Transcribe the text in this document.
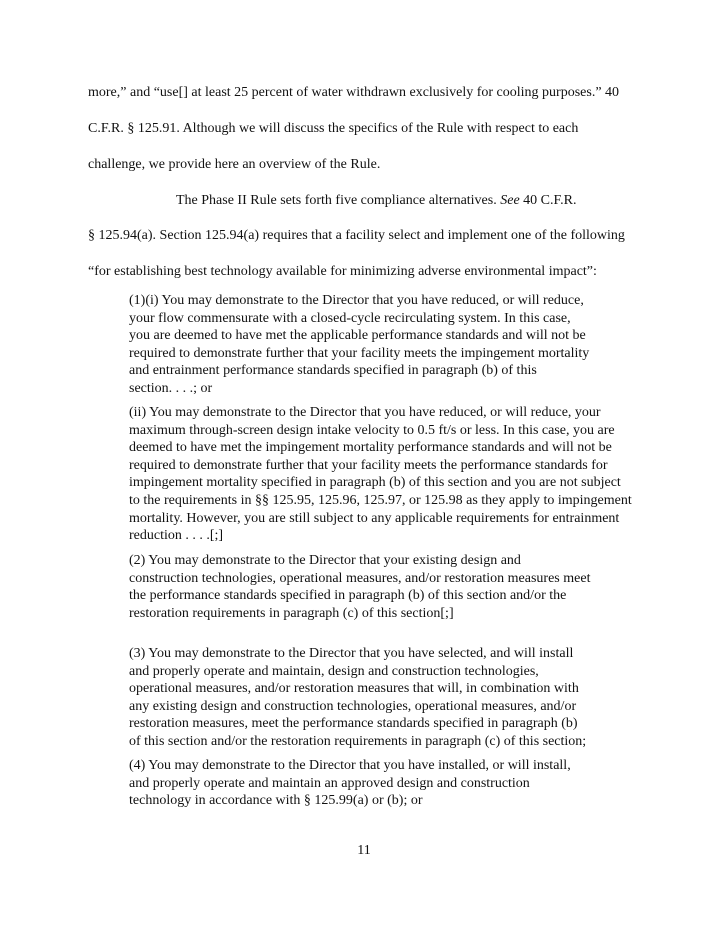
more,” and “use[] at least 25 percent of water withdrawn exclusively for cooling purposes.” 40
C.F.R. § 125.91. Although we will discuss the specifics of the Rule with respect to each
challenge, we provide here an overview of the Rule.
The Phase II Rule sets forth five compliance alternatives. See 40 C.F.R.
§ 125.94(a). Section 125.94(a) requires that a facility select and implement one of the following
“for establishing best technology available for minimizing adverse environmental impact”:
(1)(i) You may demonstrate to the Director that you have reduced, or will reduce,
your flow commensurate with a closed-cycle recirculating system. In this case,
you are deemed to have met the applicable performance standards and will not be
required to demonstrate further that your facility meets the impingement mortality
and entrainment performance standards specified in paragraph (b) of this
section. . . .; or
(ii) You may demonstrate to the Director that you have reduced, or will reduce, your
maximum through-screen design intake velocity to 0.5 ft/s or less. In this case, you are
deemed to have met the impingement mortality performance standards and will not be
required to demonstrate further that your facility meets the performance standards for
impingement mortality specified in paragraph (b) of this section and you are not subject
to the requirements in §§ 125.95, 125.96, 125.97, or 125.98 as they apply to impingement
mortality. However, you are still subject to any applicable requirements for entrainment
reduction . . . .[;]
(2) You may demonstrate to the Director that your existing design and
construction technologies, operational measures, and/or restoration measures meet
the performance standards specified in paragraph (b) of this section and/or the
restoration requirements in paragraph (c) of this section[;]
(3) You may demonstrate to the Director that you have selected, and will install
and properly operate and maintain, design and construction technologies,
operational measures, and/or restoration measures that will, in combination with
any existing design and construction technologies, operational measures, and/or
restoration measures, meet the performance standards specified in paragraph (b)
of this section and/or the restoration requirements in paragraph (c) of this section;
(4) You may demonstrate to the Director that you have installed, or will install,
and properly operate and maintain an approved design and construction
technology in accordance with § 125.99(a) or (b); or
11
